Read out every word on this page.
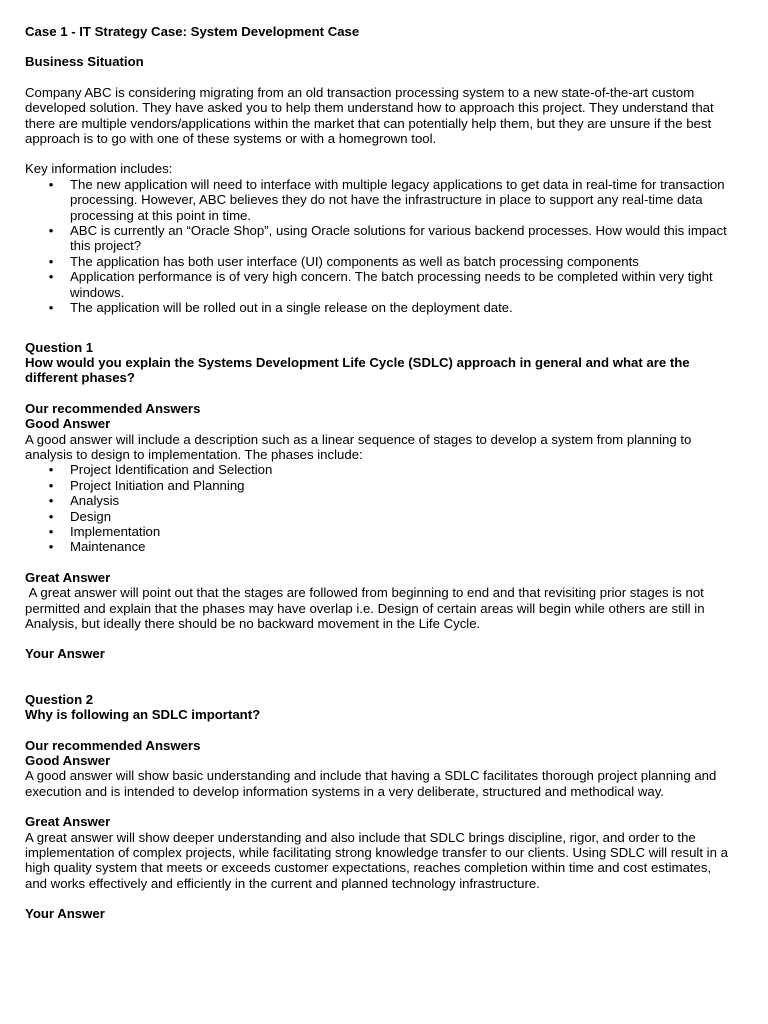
Case 1 - IT Strategy Case: System Development Case

Business Situation

Company ABC is considering migrating from an old transaction processing system to a new state-of-the-art custom developed solution. They have asked you to help them understand how to approach this project. They understand that there are multiple vendors/applications within the market that can potentially help them, but they are unsure if the best approach is to go with one of these systems or with a homegrown tool.

Key information includes:

• The new application will need to interface with multiple legacy applications to get data in real-time for transaction processing. However, ABC believes they do not have the infrastructure in place to support any real-time data processing at this point in time.
• ABC is currently an “Oracle Shop”, using Oracle solutions for various backend processes. How would this impact this project?
• The application has both user interface (UI) components as well as batch processing components
• Application performance is of very high concern. The batch processing needs to be completed within very tight windows.
• The application will be rolled out in a single release on the deployment date.

Question 1

How would you explain the Systems Development Life Cycle (SDLC) approach in general and what are the different phases?

Our recommended Answers

Good Answer

A good answer will include a description such as a linear sequence of stages to develop a system from planning to analysis to design to implementation. The phases include:

• Project Identification and Selection
• Project Initiation and Planning
• Analysis
• Design
• Implementation
• Maintenance

Great Answer

A great answer will point out that the stages are followed from beginning to end and that revisiting prior stages is not permitted and explain that the phases may have overlap i.e. Design of certain areas will begin while others are still in Analysis, but ideally there should be no backward movement in the Life Cycle.

Your Answer

Question 2

Why is following an SDLC important?

Our recommended Answers

Good Answer

A good answer will show basic understanding and include that having a SDLC facilitates thorough project planning and execution and is intended to develop information systems in a very deliberate, structured and methodical way.

Great Answer

A great answer will show deeper understanding and also include that SDLC brings discipline, rigor, and order to the implementation of complex projects, while facilitating strong knowledge transfer to our clients. Using SDLC will result in a high quality system that meets or exceeds customer expectations, reaches completion within time and cost estimates, and works effectively and efficiently in the current and planned technology infrastructure.

Your Answer
